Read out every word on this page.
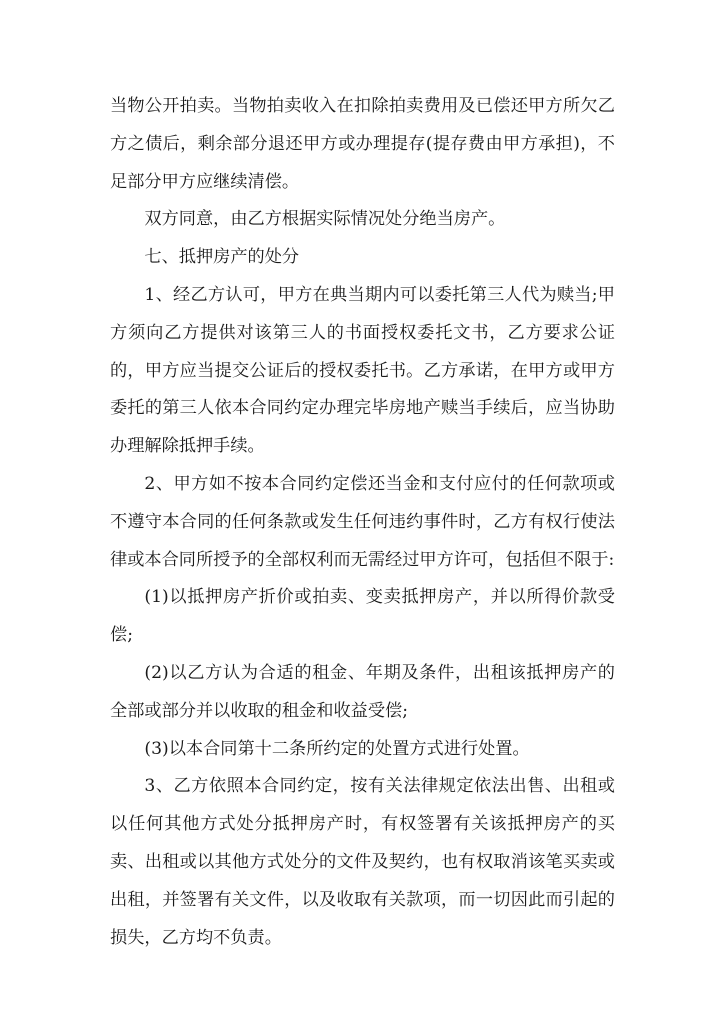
当物公开拍卖。当物拍卖收入在扣除拍卖费用及已偿还甲方所欠乙方之债后，剩余部分退还甲方或办理提存(提存费由甲方承担)，不足部分甲方应继续清偿。

双方同意，由乙方根据实际情况处分绝当房产。

七、抵押房产的处分

1、经乙方认可，甲方在典当期内可以委托第三人代为赎当;甲方须向乙方提供对该第三人的书面授权委托文书，乙方要求公证的，甲方应当提交公证后的授权委托书。乙方承诺，在甲方或甲方委托的第三人依本合同约定办理完毕房地产赎当手续后，应当协助办理解除抵押手续。

2、甲方如不按本合同约定偿还当金和支付应付的任何款项或不遵守本合同的任何条款或发生任何违约事件时，乙方有权行使法律或本合同所授予的全部权利而无需经过甲方许可，包括但不限于:

(1)以抵押房产折价或拍卖、变卖抵押房产，并以所得价款受偿;

(2)以乙方认为合适的租金、年期及条件，出租该抵押房产的全部或部分并以收取的租金和收益受偿;

(3)以本合同第十二条所约定的处置方式进行处置。

3、乙方依照本合同约定，按有关法律规定依法出售、出租或以任何其他方式处分抵押房产时，有权签署有关该抵押房产的买卖、出租或以其他方式处分的文件及契约，也有权取消该笔买卖或出租，并签署有关文件，以及收取有关款项，而一切因此而引起的损失，乙方均不负责。
